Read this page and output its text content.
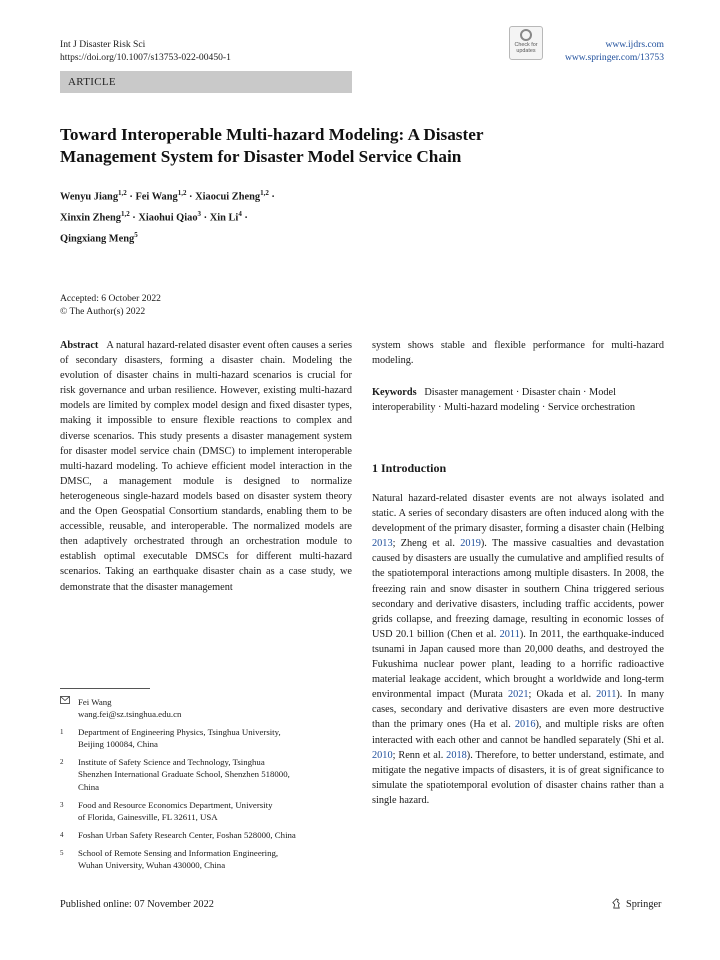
Int J Disaster Risk Sci
https://doi.org/10.1007/s13753-022-00450-1
Check for
updates
www.ijdrs.com
www.springer.com/13753
ARTICLE
Toward Interoperable Multi-hazard Modeling: A Disaster
Management System for Disaster Model Service Chain
Wenyu Jiang$^{1,2}$ · Fei Wang$^{1,2}$ · Xiaocui Zheng$^{1,2}$ ·
Xinxin Zheng$^{1,2}$ · Xiaohui Qiao$^3$ · Xin $Li^4$ ·
Qingxiang Meng$^5$
Accepted: 6 October 2022
© The Author(s) 2022

Abstract A natural hazard-related disaster event often causes a series of secondary disasters, forming a disaster chain. Modeling the evolution of disaster chains in multi-hazard scenarios is crucial for risk governance and urban resilience. However, existing multi-hazard models are limited by complex model design and fixed disaster types, making it impossible to ensure flexible reactions to complex and diverse scenarios. This study presents a disaster management system for disaster model service chain (DMSC) to implement interoperable multi-hazard modeling. To achieve efficient model interaction in the DMSC, a management module is designed to normalize heterogeneous single-hazard models based on disaster system theory and the Open Geospatial Consortium standards, enabling them to be accessible, reusable, and interoperable. The normalized models are then adaptively orchestrated through an orchestration module to establish optimal executable DMSCs for different multi-hazard scenarios. Taking an earthquake disaster chain as a case study, we demonstrate that the disaster management

system shows stable and flexible performance for multi-hazard modeling.

Keywords Disaster management · Disaster chain · Model interoperability · Multi-hazard modeling · Service orchestration

1 Introduction

Natural hazard-related disaster events are not always isolated and static. A series of secondary disasters are often induced along with the development of the primary disaster, forming a disaster chain (Helbing 2013; Zheng et al. 2019). The massive casualties and devastation caused by disasters are usually the cumulative and amplified results of the spatiotemporal interactions among multiple disasters. In 2008, the freezing rain and snow disaster in southern China triggered serious secondary and derivative disasters, including traffic accidents, power grids collapse, and freezing damage, resulting in economic losses of USD 20.1 billion (Chen et al. 2011). In 2011, the earthquake-induced tsunami in Japan caused more than 20,000 deaths, and destroyed the Fukushima nuclear power plant, leading to a horrific radioactive material leakage accident, which brought a worldwide and long-term environmental impact (Murata 2021; Okada et al. 2011). In many cases, secondary and derivative disasters are even more destructive than the primary ones (Ha et al. 2016), and multiple risks are often interacted with each other and cannot be handled separately (Shi et al. 2010; Renn et al. 2018). Therefore, to better understand, estimate, and mitigate the negative impacts of disasters, it is of great significance to simulate the spatiotemporal evolution of disaster chains rather than a single hazard.

Fei Wang
wang.fei@sz.tsinghua.edu.cn
1 Department of Engineering Physics, Tsinghua University,
Beijing 100084, China
2 Institute of Safety Science and Technology, Tsinghua
Shenzhen International Graduate School, Shenzhen 518000,
China
3 Food and Resource Economics Department, University
of Florida, Gainesville, FL 32611, USA
4 Foshan Urban Safety Research Center, Foshan 528000, China
5 School of Remote Sensing and Information Engineering,
Wuhan University, Wuhan 430000, China
Published online: 07 November 2022	Springer
